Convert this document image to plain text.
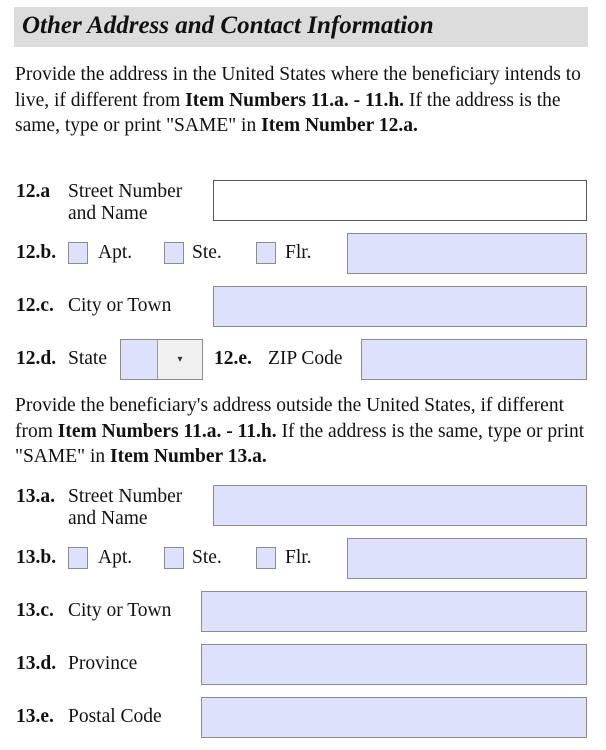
Other Address and Contact Information
Provide the address in the United States where the beneficiary intends to live, if different from Item Numbers 11.a. - 11.h. If the address is the same, type or print "SAME" in Item Number 12.a.
12.a Street Number
and Name
12.b. Apt.	Ste.	Flr.
12.c. City or Town
12.d. State	▾ 12.e. ZIP Code
Provide the beneficiary's address outside the United States, if different from Item Numbers 11.a. - 11.h. If the address is the same, type or print "SAME" in Item Number 13.a.
13.a. Street Number
and Name
13.b. Apt.	Ste.	Flr.
13.c. City or Town
13.d. Province
13.e. Postal Code
